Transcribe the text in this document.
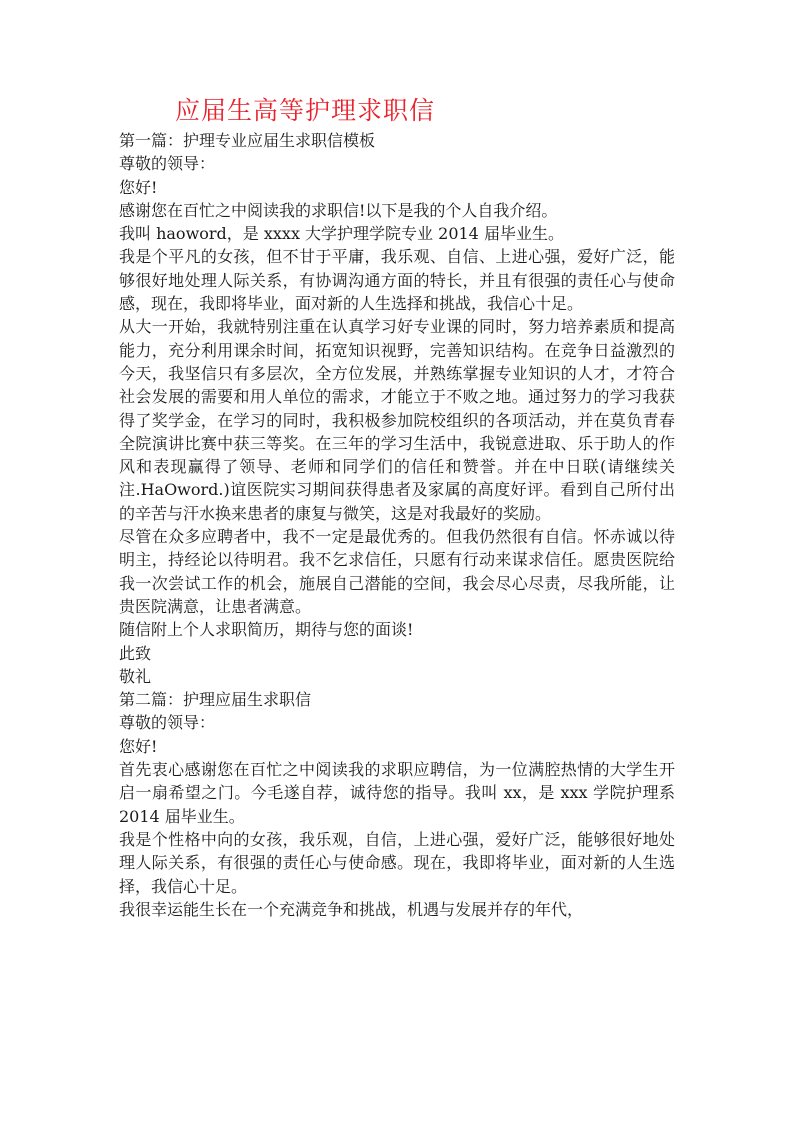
应届生高等护理求职信

第一篇：护理专业应届生求职信模板

尊敬的领导：

您好!

感谢您在百忙之中阅读我的求职信!以下是我的个人自我介绍。

我叫 haoword，是 xxxx 大学护理学院专业 2014 届毕业生。

我是个平凡的女孩，但不甘于平庸，我乐观、自信、上进心强，爱好广泛，能够很好地处理人际关系，有协调沟通方面的特长，并且有很强的责任心与使命感，现在，我即将毕业，面对新的人生选择和挑战，我信心十足。

从大一开始，我就特别注重在认真学习好专业课的同时，努力培养素质和提高能力，充分利用课余时间，拓宽知识视野，完善知识结构。在竞争日益激烈的今天，我坚信只有多层次，全方位发展，并熟练掌握专业知识的人才，才符合社会发展的需要和用人单位的需求，才能立于不败之地。通过努力的学习我获得了奖学金，在学习的同时，我积极参加院校组织的各项活动，并在莫负青春全院演讲比赛中获三等奖。在三年的学习生活中，我锐意进取、乐于助人的作风和表现赢得了领导、老师和同学们的信任和赞誉。并在中日联(请继续关注.HaOword.)谊医院实习期间获得患者及家属的高度好评。看到自己所付出的辛苦与汗水换来患者的康复与微笑，这是对我最好的奖励。

尽管在众多应聘者中，我不一定是最优秀的。但我仍然很有自信。怀赤诚以待明主，持经论以待明君。我不乞求信任，只愿有行动来谋求信任。愿贵医院给我一次尝试工作的机会，施展自己潜能的空间，我会尽心尽责，尽我所能，让贵医院满意，让患者满意。

随信附上个人求职简历，期待与您的面谈!

此致

敬礼

第二篇：护理应届生求职信

尊敬的领导：

您好!

首先衷心感谢您在百忙之中阅读我的求职应聘信，为一位满腔热情的大学生开启一扇希望之门。今毛遂自荐，诚待您的指导。我叫 xx，是 xxx 学院护理系 2014 届毕业生。

我是个性格中向的女孩，我乐观，自信，上进心强，爱好广泛，能够很好地处理人际关系，有很强的责任心与使命感。现在，我即将毕业，面对新的人生选择，我信心十足。

我很幸运能生长在一个充满竞争和挑战，机遇与发展并存的年代，
